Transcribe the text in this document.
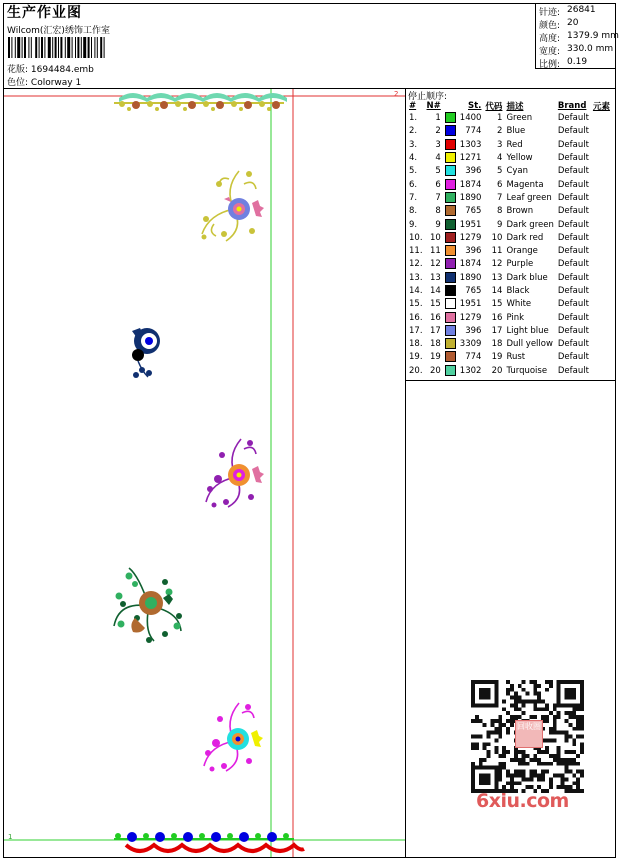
生产作业图
Wilcom(汇宏)绣饰工作室
花版: 1694484.emb
色位: Colorway 1
针迹: 26841
颜色: 20
高度: 1379.9 mm
宽度: 330.0 mm
比例: 0.19
停止顺序:
#	N#		St.	代码	描述	Brand	元素
1.	1		1400	1	Green	Default	
2.	2		774	2	Blue	Default	
3.	3		1303	3	Red	Default	
4.	4		1271	4	Yellow	Default	
5.	5		396	5	Cyan	Default	
6.	6		1874	6	Magenta	Default	
7.	7		1890	7	Leaf green	Default	
8.	8		765	8	Brown	Default	
9.	9		1951	9	Dark green	Default	
10.	10		1279	10	Dark red	Default	
11.	11		396	11	Orange	Default	
12.	12		1874	12	Purple	Default	
13.	13		1890	13	Dark blue	Default	
14.	14		765	14	Black	Default	
15.	15		1951	15	White	Default	
16.	16		1279	16	Pink	Default	
17.	17		396	17	Light blue	Default	
18.	18		3309	18	Dull yellow	Default	
19.	19		774	19	Rust	Default	
20.	20		1302	20	Turquoise	Default	
2
1
回收圈
6xiu.com
